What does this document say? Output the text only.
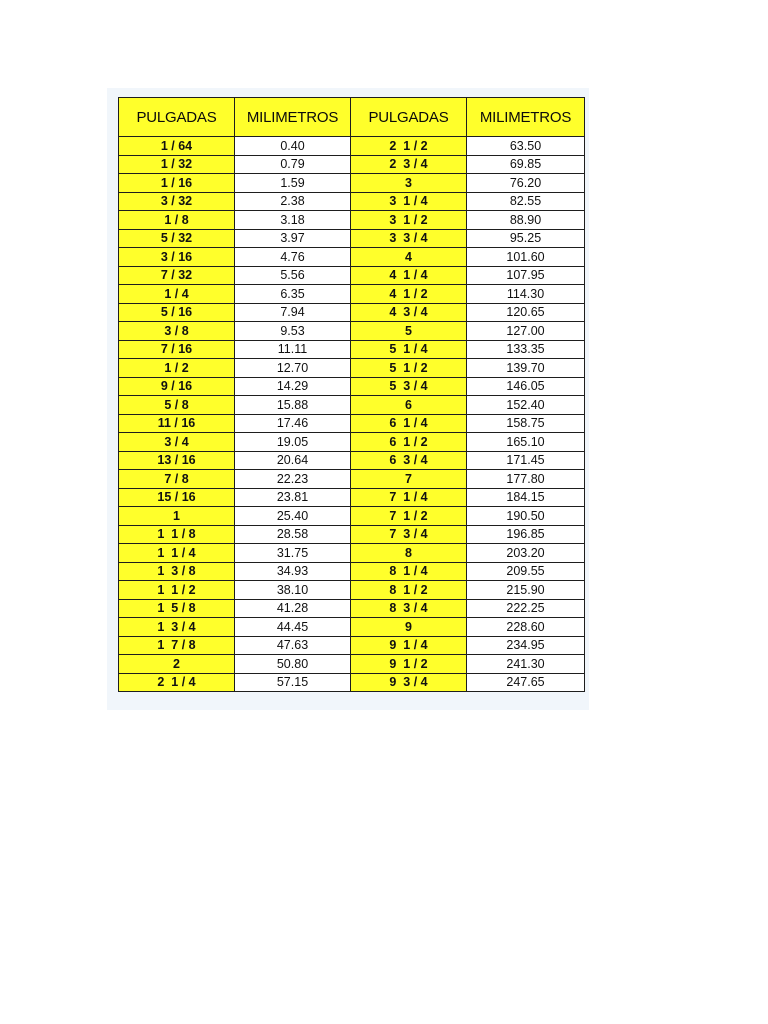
PULGADAS	MILIMETROS	PULGADAS	MILIMETROS
1 / 64	0.40	2  1 / 2	63.50
1 / 32	0.79	2  3 / 4	69.85
1 / 16	1.59	3	76.20
3 / 32	2.38	3  1 / 4	82.55
1 / 8	3.18	3  1 / 2	88.90
5 / 32	3.97	3  3 / 4	95.25
3 / 16	4.76	4	101.60
7 / 32	5.56	4  1 / 4	107.95
1 / 4	6.35	4  1 / 2	114.30
5 / 16	7.94	4  3 / 4	120.65
3 / 8	9.53	5	127.00
7 / 16	11.11	5  1 / 4	133.35
1 / 2	12.70	5  1 / 2	139.70
9 / 16	14.29	5  3 / 4	146.05
5 / 8	15.88	6	152.40
11 / 16	17.46	6  1 / 4	158.75
3 / 4	19.05	6  1 / 2	165.10
13 / 16	20.64	6  3 / 4	171.45
7 / 8	22.23	7	177.80
15 / 16	23.81	7  1 / 4	184.15
1	25.40	7  1 / 2	190.50
1  1 / 8	28.58	7  3 / 4	196.85
1  1 / 4	31.75	8	203.20
1  3 / 8	34.93	8  1 / 4	209.55
1  1 / 2	38.10	8  1 / 2	215.90
1  5 / 8	41.28	8  3 / 4	222.25
1  3 / 4	44.45	9	228.60
1  7 / 8	47.63	9  1 / 4	234.95
2	50.80	9  1 / 2	241.30
2  1 / 4	57.15	9  3 / 4	247.65
